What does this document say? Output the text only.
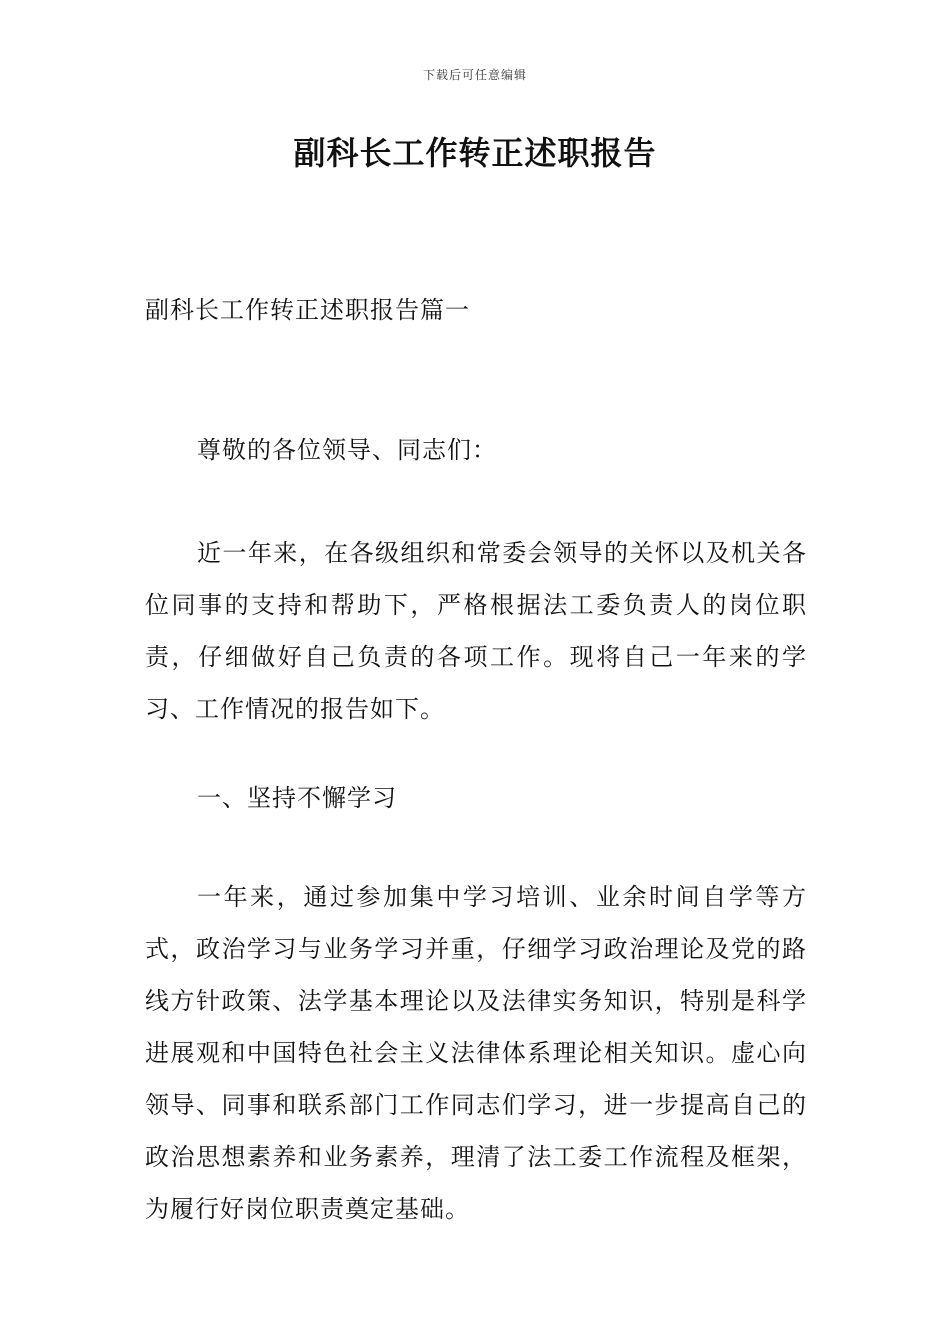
下载后可任意编辑
副科长工作转正述职报告

副科长工作转正述职报告篇一

尊敬的各位领导、同志们：

近一年来，在各级组织和常委会领导的关怀以及机关各位同事的支持和帮助下，严格根据法工委负责人的岗位职责，仔细做好自己负责的各项工作。现将自己一年来的学习、工作情况的报告如下。

一、坚持不懈学习

一年来，通过参加集中学习培训、业余时间自学等方式，政治学习与业务学习并重，仔细学习政治理论及党的路线方针政策、法学基本理论以及法律实务知识，特别是科学进展观和中国特色社会主义法律体系理论相关知识。虚心向领导、同事和联系部门工作同志们学习，进一步提高自己的政治思想素养和业务素养，理清了法工委工作流程及框架，为履行好岗位职责奠定基础。
